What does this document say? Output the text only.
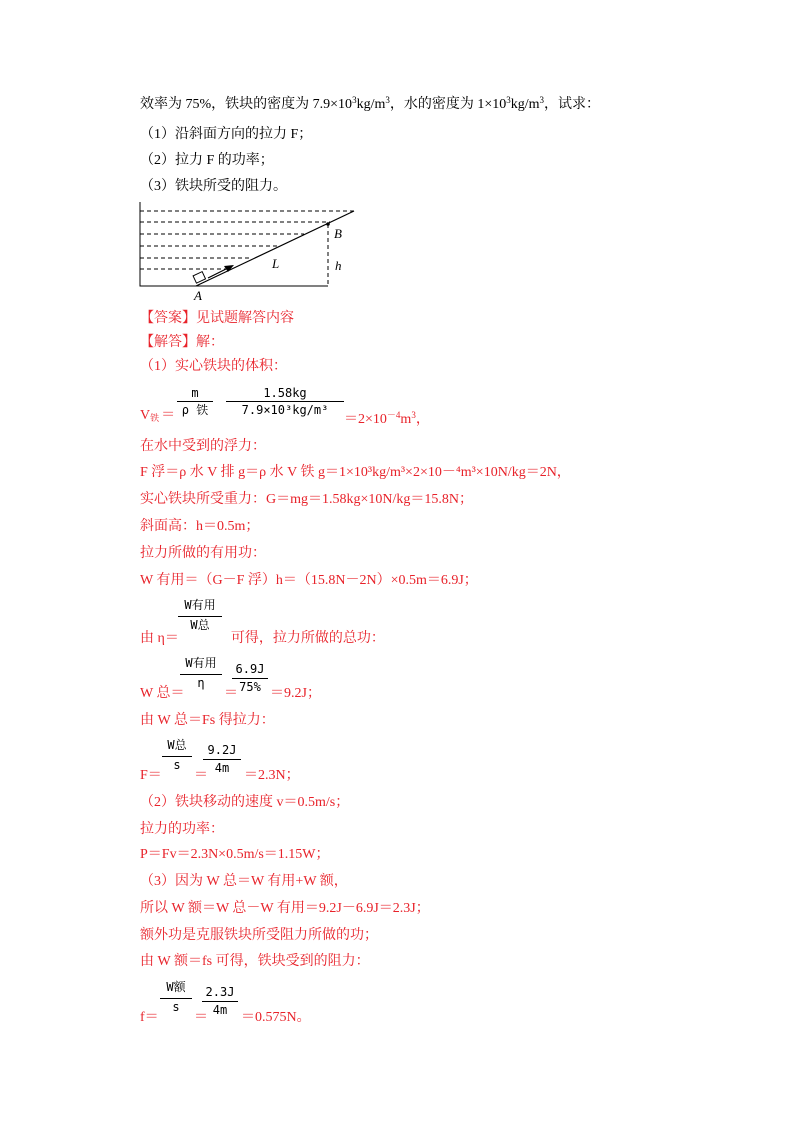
效率为 75%，铁块的密度为 $7.9\times 10^3kg/m^3$，水的密度为 $1\times 10^3kg/m^3$，试求：
（1）沿斜面方向的拉力 F；
（2）拉力 F 的功率；
（3）铁块所受的阻力。
B
L	h
A
【答案】见试题解答内容
【解答】解：
（1）实心铁块的体积：
V铁 ＝
m
ρ 铁
1.58kg
7.9×10³kg/m³
$=2\times 10^{-4}m^3$，
在水中受到的浮力：
F 浮＝ρ 水 V 排 g＝ρ 水 V 铁 g＝1×10³kg/m³×2×10－⁴m³×10N/kg＝2N，
实心铁块所受重力：G＝mg＝1.58kg×10N/kg＝15.8N；
斜面高：h＝0.5m；
拉力所做的有用功：
W 有用＝（G－F 浮）h＝（15.8N－2N）×0.5m＝6.9J；
由 η＝	可得，拉力所做的总功：
W有用
W总
W 总＝
W有用
η
＝
6.9J
75% ＝9.2J；
由 W 总＝Fs 得拉力：
F＝
W总
s
＝
9.2J
4m	＝2.3N；
（2）铁块移动的速度 v＝0.5m/s；
拉力的功率：
P＝Fv＝2.3N×0.5m/s＝1.15W；
（3）因为 W 总＝W 有用+W 额，
所以 W 额＝W 总－W 有用＝9.2J－6.9J＝2.3J；
额外功是克服铁块所受阻力所做的功；
由 W 额＝fs 可得，铁块受到的阻力：
f＝
W额
s
＝
2.3J
4m ＝0.575N。
